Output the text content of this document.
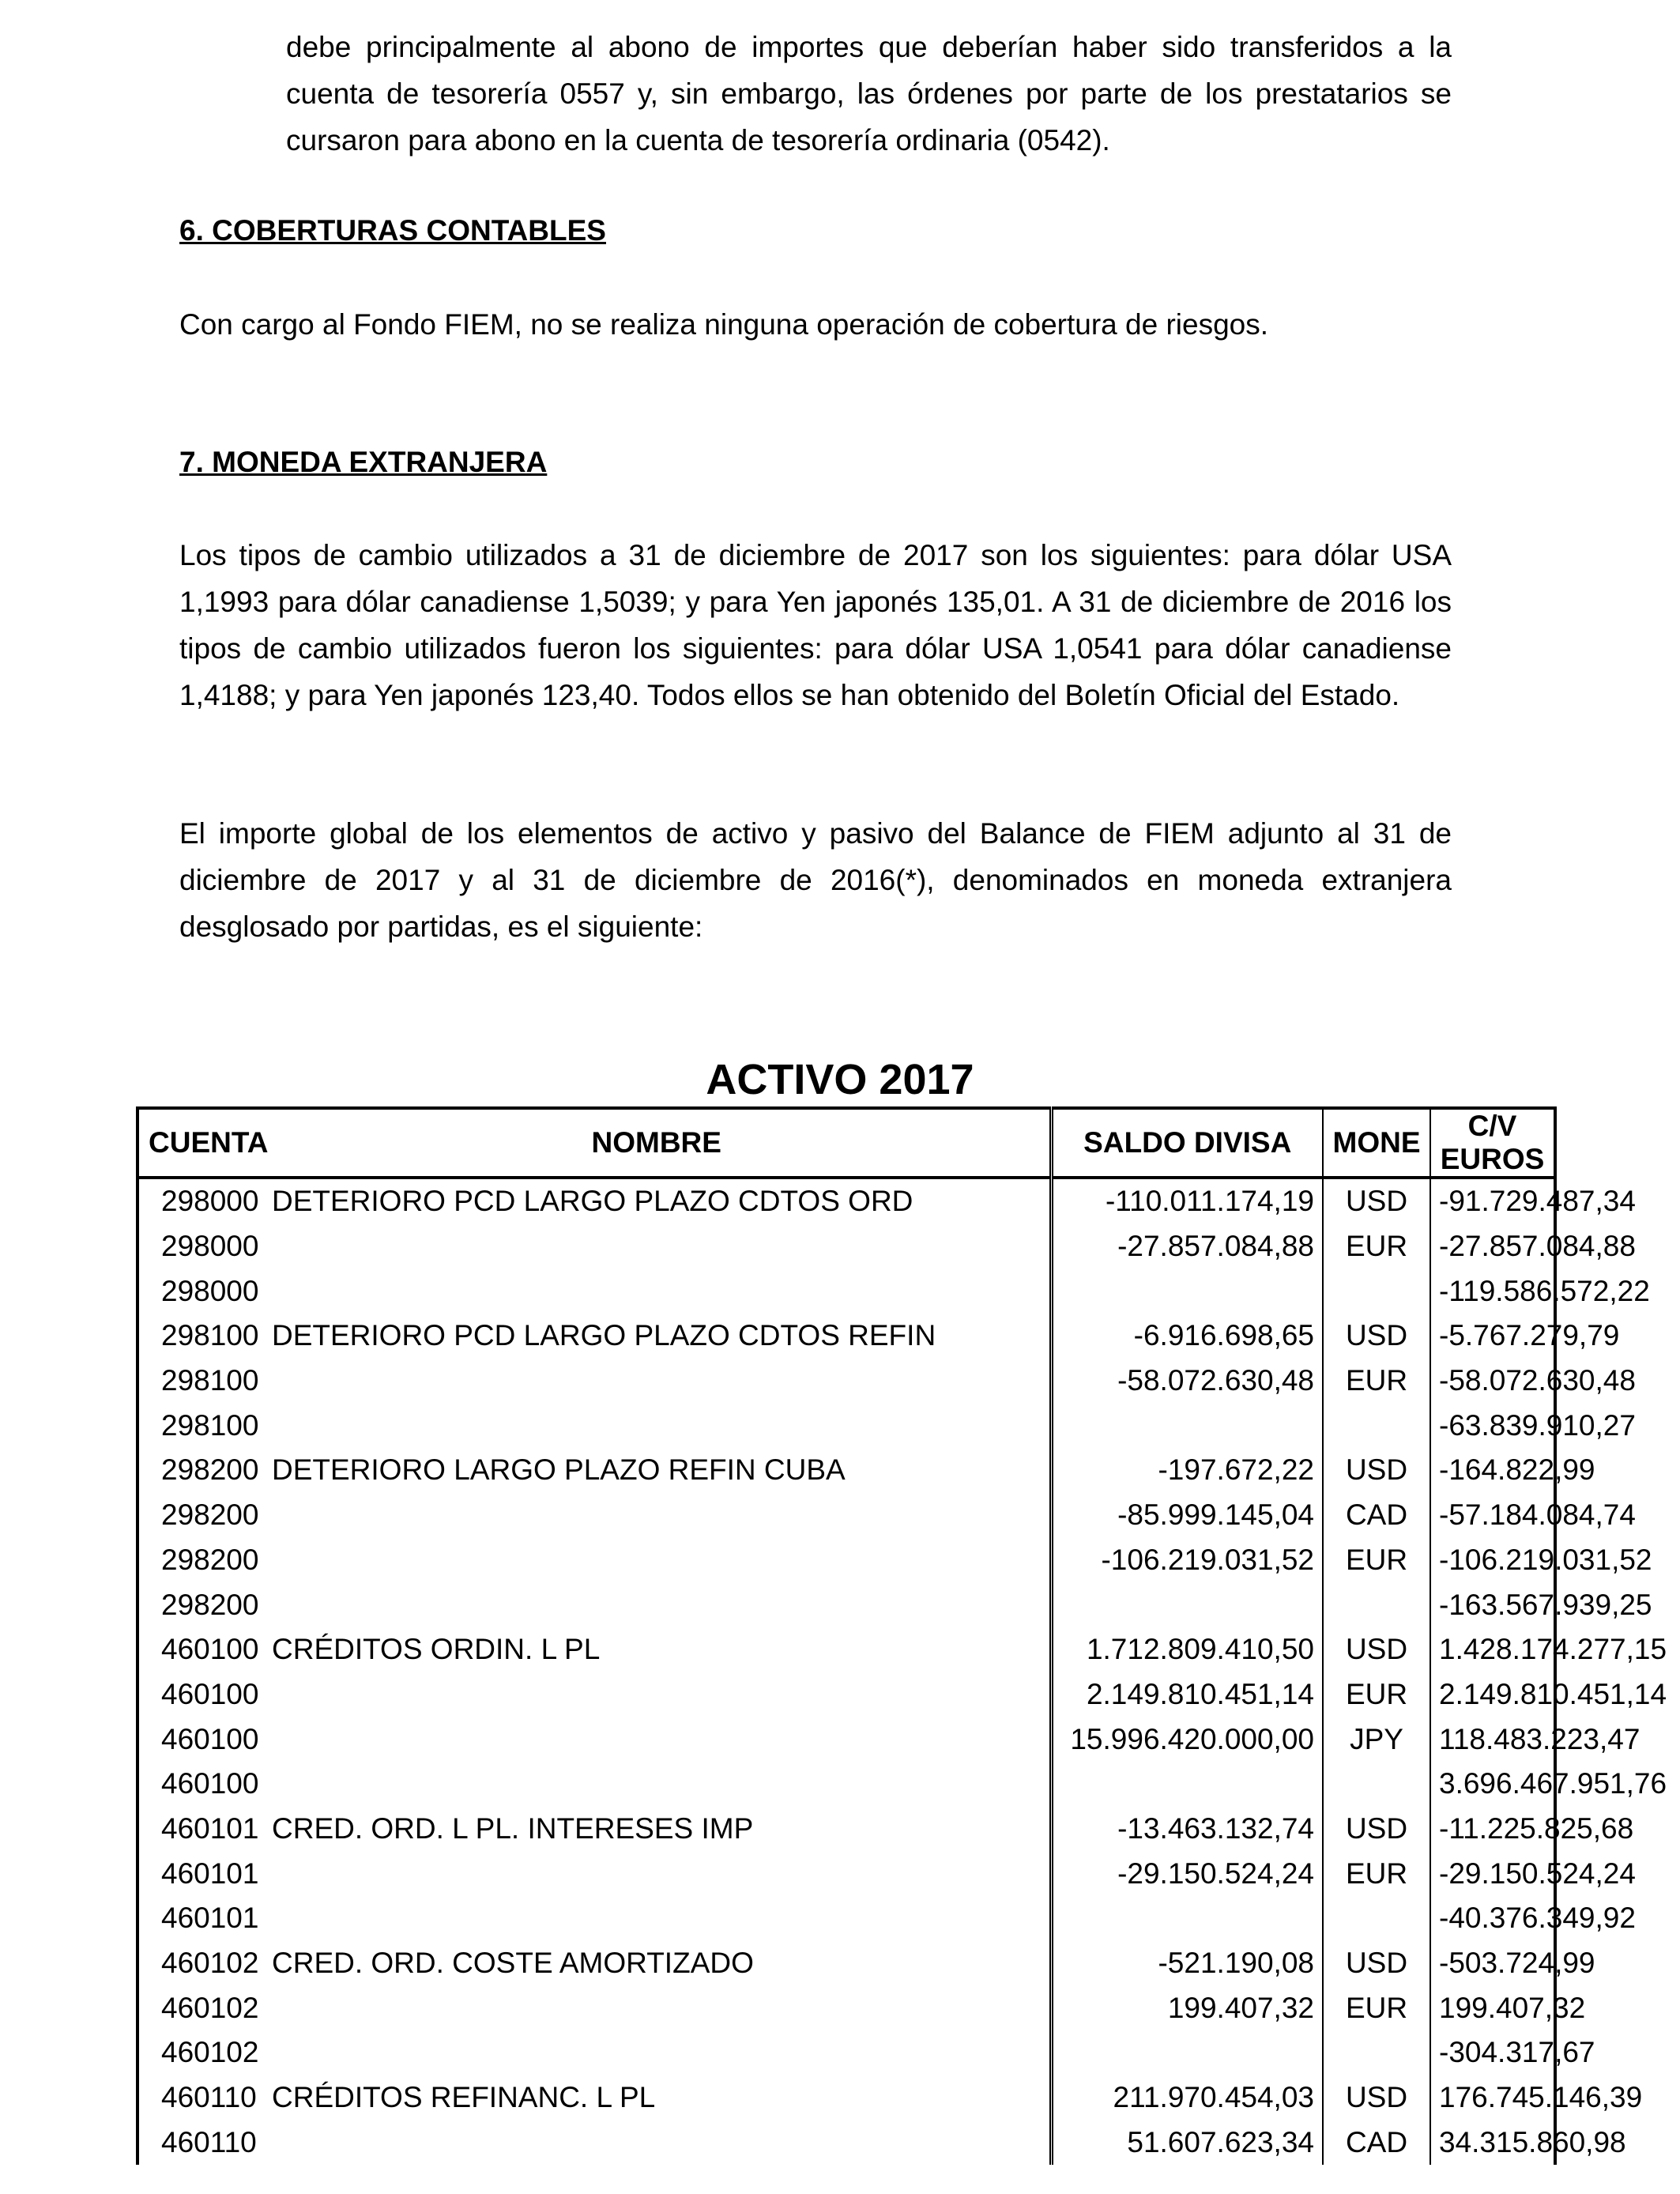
debe principalmente al abono de importes que deberían haber sido transferidos a la cuenta de tesorería 0557 y, sin embargo, las órdenes por parte de los prestatarios se cursaron para abono en la cuenta de tesorería ordinaria (0542).

6. COBERTURAS CONTABLES

Con cargo al Fondo FIEM, no se realiza ninguna operación de cobertura de riesgos.

7. MONEDA EXTRANJERA

Los tipos de cambio utilizados a 31 de diciembre de 2017 son los siguientes: para dólar USA 1,1993 para dólar canadiense 1,5039; y para Yen japonés 135,01. A 31 de diciembre de 2016 los tipos de cambio utilizados fueron los siguientes: para dólar USA 1,0541 para dólar canadiense 1,4188; y para Yen japonés 123,40. Todos ellos se han obtenido del Boletín Oficial del Estado.

El importe global de los elementos de activo y pasivo del Balance de FIEM adjunto al 31 de diciembre de 2017 y al 31 de diciembre de 2016(*), denominados en moneda extranjera desglosado por partidas, es el siguiente:

ACTIVO 2017
CUENTA	NOMBRE	SALDO DIVISA	MONE	C/V EUROS
298000	DETERIORO PCD LARGO PLAZO CDTOS ORD	-110.011.174,19	USD	-91.729.487,34
298000		-27.857.084,88	EUR	-27.857.084,88
298000				-119.586.572,22
298100	DETERIORO PCD LARGO PLAZO CDTOS REFIN	-6.916.698,65	USD	-5.767.279,79
298100		-58.072.630,48	EUR	-58.072.630,48
298100				-63.839.910,27
298200	DETERIORO LARGO PLAZO REFIN CUBA	-197.672,22	USD	-164.822,99
298200		-85.999.145,04	CAD	-57.184.084,74
298200		-106.219.031,52	EUR	-106.219.031,52
298200				-163.567.939,25
460100	CRÉDITOS ORDIN. L PL	1.712.809.410,50	USD	1.428.174.277,15
460100		2.149.810.451,14	EUR	2.149.810.451,14
460100		15.996.420.000,00	JPY	118.483.223,47
460100				3.696.467.951,76
460101	CRED. ORD. L PL. INTERESES IMP	-13.463.132,74	USD	-11.225.825,68
460101		-29.150.524,24	EUR	-29.150.524,24
460101				-40.376.349,92
460102	CRED. ORD. COSTE AMORTIZADO	-521.190,08	USD	-503.724,99
460102		199.407,32	EUR	199.407,32
460102				-304.317,67
460110	CRÉDITOS REFINANC. L PL	211.970.454,03	USD	176.745.146,39
460110		51.607.623,34	CAD	34.315.860,98
